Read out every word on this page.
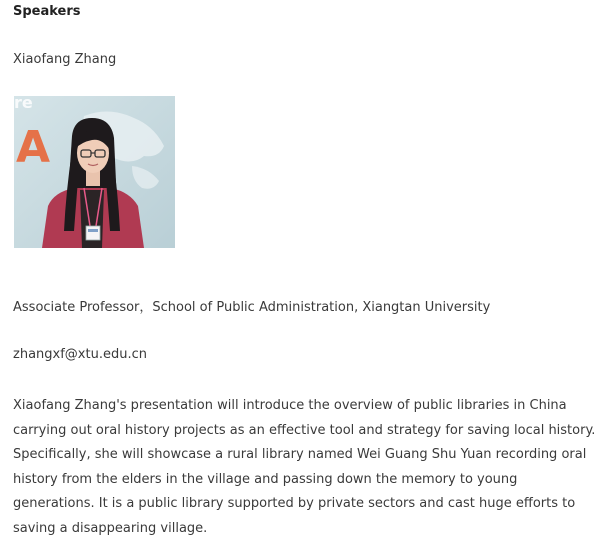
Speakers
Xiaofang Zhang
re
A
Associate Professor，School of Public Administration, Xiangtan University
zhangxf@xtu.edu.cn

Xiaofang Zhang's presentation will introduce the overview of public libraries in China carrying out oral history projects as an effective tool and strategy for saving local history. Specifically, she will showcase a rural library named Wei Guang Shu Yuan recording oral history from the elders in the village and passing down the memory to young generations. It is a public library supported by private sectors and cast huge efforts to saving a disappearing village.
